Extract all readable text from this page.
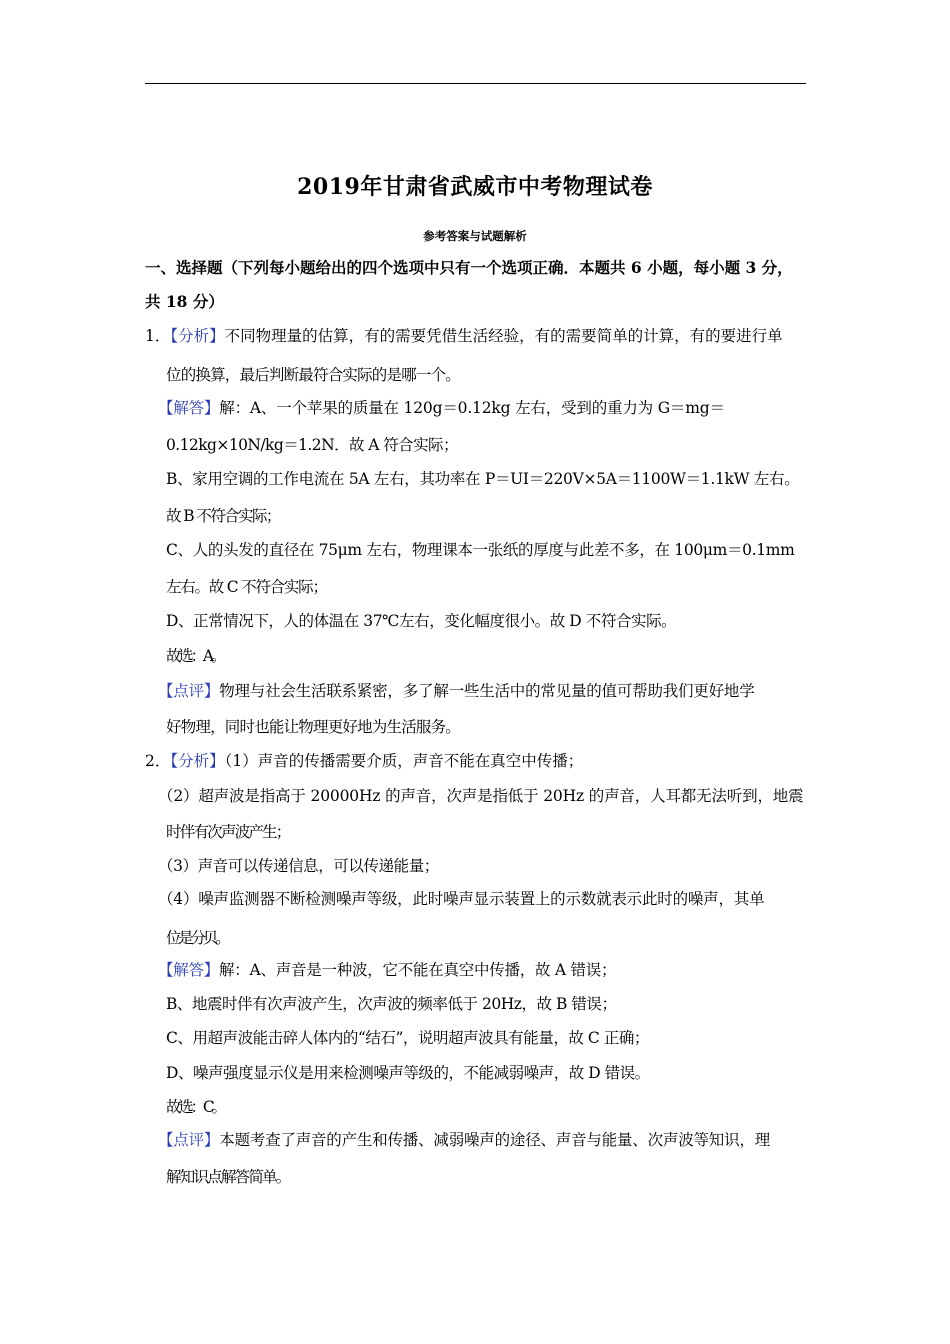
2019年甘肃省武威市中考物理试卷
参考答案与试题解析
一、选择题（下列每小题给出的四个选项中只有一个选项正确．本题共 6 小题，每小题 3 分，
共 18 分）
1．【分析】不同物理量的估算，有的需要凭借生活经验，有的需要简单的计算，有的要进行单
位的换算，最后判断最符合实际的是哪一个。
【解答】解：A、一个苹果的质量在 120g＝0.12kg 左右，受到的重力为 G＝mg＝
0.12kg×10N/kg＝1.2N．故 A 符合实际；
B、家用空调的工作电流在 5A 左右，其功率在 P＝UI＝220V×5A＝1100W＝1.1kW 左右。
故 B 不符合实际；
C、人的头发的直径在 75μm 左右，物理课本一张纸的厚度与此差不多，在 100μm＝0.1mm
左右。故 C 不符合实际；
D、正常情况下，人的体温在 37℃左右，变化幅度很小。故 D 不符合实际。
故选：A。
【点评】物理与社会生活联系紧密，多了解一些生活中的常见量的值可帮助我们更好地学
好物理，同时也能让物理更好地为生活服务。
2．【分析】（1）声音的传播需要介质，声音不能在真空中传播；
（2）超声波是指高于 20000Hz 的声音，次声是指低于 20Hz 的声音，人耳都无法听到，地震
时伴有次声波产生；
（3）声音可以传递信息，可以传递能量；
（4）噪声监测器不断检测噪声等级，此时噪声显示装置上的示数就表示此时的噪声，其单
位是分贝。
【解答】解：A、声音是一种波，它不能在真空中传播，故 A 错误；
B、地震时伴有次声波产生，次声波的频率低于 20Hz，故 B 错误；
C、用超声波能击碎人体内的“结石”，说明超声波具有能量，故 C 正确；
D、噪声强度显示仪是用来检测噪声等级的，不能减弱噪声，故 D 错误。
故选：C。
【点评】本题考查了声音的产生和传播、减弱噪声的途径、声音与能量、次声波等知识，理
解知识点解答简单。
